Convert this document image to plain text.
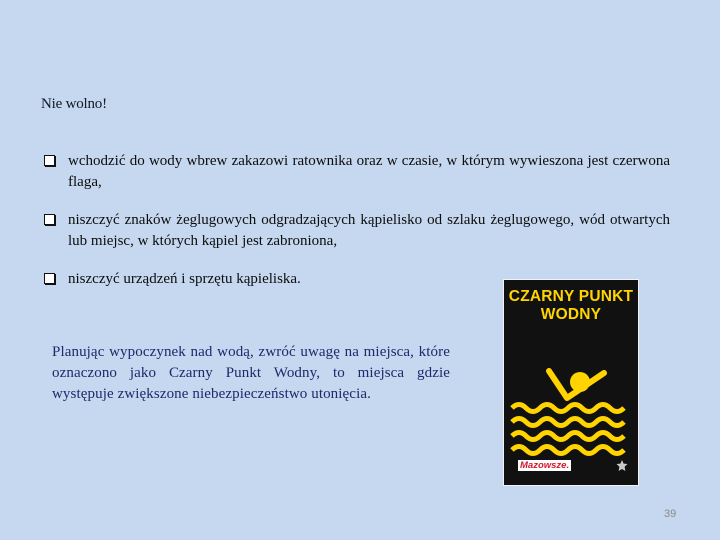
Nie wolno!
wchodzić do wody wbrew zakazowi ratownika oraz w czasie, w którym wywieszona jest czerwona flaga,
niszczyć znaków żeglugowych odgradzających kąpielisko od szlaku żeglugowego, wód otwartych lub miejsc, w których kąpiel jest zabroniona,
niszczyć urządzeń i sprzętu kąpieliska.
Planując wypoczynek nad wodą, zwróć uwagę na miejsca, które oznaczono jako Czarny Punkt Wodny, to miejsca gdzie występuje zwiększone niebezpieczeństwo utonięcia.
CZARNY PUNKT
WODNY
Mazowsze.
39
